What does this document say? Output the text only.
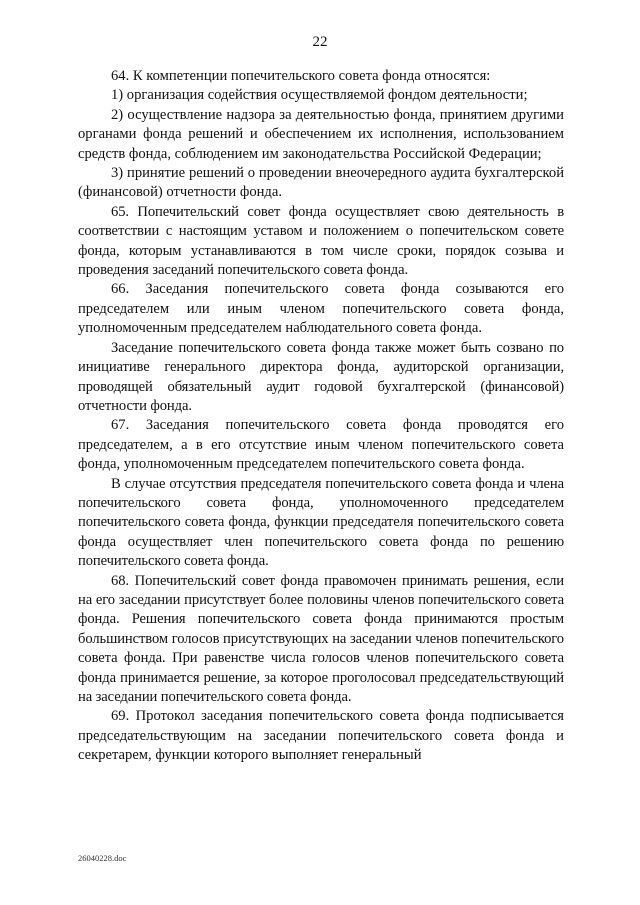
22

64. К компетенции попечительского совета фонда относятся:

1) организация содействия осуществляемой фондом деятельности;

2) осуществление надзора за деятельностью фонда, принятием другими органами фонда решений и обеспечением их исполнения, использованием средств фонда, соблюдением им законодательства Российской Федерации;

3) принятие решений о проведении внеочередного аудита бухгалтерской (финансовой) отчетности фонда.

65. Попечительский совет фонда осуществляет свою деятельность в соответствии с настоящим уставом и положением о попечительском совете фонда, которым устанавливаются в том числе сроки, порядок созыва и проведения заседаний попечительского совета фонда.

66. Заседания попечительского совета фонда созываются его председателем или иным членом попечительского совета фонда, уполномоченным председателем наблюдательного совета фонда.

Заседание попечительского совета фонда также может быть созвано по инициативе генерального директора фонда, аудиторской организации, проводящей обязательный аудит годовой бухгалтерской (финансовой) отчетности фонда.

67. Заседания попечительского совета фонда проводятся его председателем, а в его отсутствие иным членом попечительского совета фонда, уполномоченным председателем попечительского совета фонда.

В случае отсутствия председателя попечительского совета фонда и члена попечительского совета фонда, уполномоченного председателем попечительского совета фонда, функции председателя попечительского совета фонда осуществляет член попечительского совета фонда по решению попечительского совета фонда.

68. Попечительский совет фонда правомочен принимать решения, если на его заседании присутствует более половины членов попечительского совета фонда. Решения попечительского совета фонда принимаются простым большинством голосов присутствующих на заседании членов попечительского совета фонда. При равенстве числа голосов членов попечительского совета фонда принимается решение, за которое проголосовал председательствующий на заседании попечительского совета фонда.

69. Протокол заседания попечительского совета фонда подписывается председательствующим на заседании попечительского совета фонда и секретарем, функции которого выполняет генеральный

26040228.doc
